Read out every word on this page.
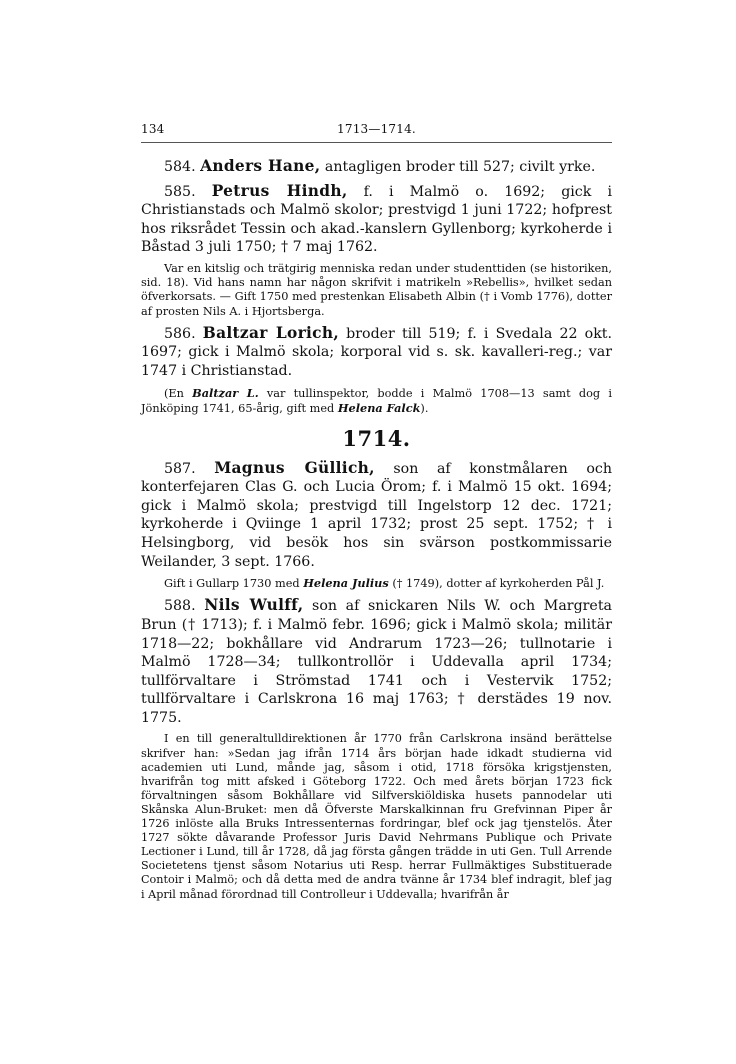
134	1713—1714.

584. Anders Hane, antagligen broder till 527; civilt yrke.

585. Petrus Hindh, f. i Malmö o. 1692; gick i Christianstads och Malmö skolor; prestvigd 1 juni 1722; hofprest hos riksrådet Tessin och akad.-kanslern Gyllenborg; kyrkoherde i Båstad 3 juli 1750; † 7 maj 1762.

Var en kitslig och trätgirig menniska redan under studenttiden (se historiken, sid. 18). Vid hans namn har någon skrifvit i matrikeln »Rebellis», hvilket sedan öfverkorsats. — Gift 1750 med prestenkan Elisabeth Albin († i Vomb 1776), dotter af prosten Nils A. i Hjortsberga.

586. Baltzar Lorich, broder till 519; f. i Svedala 22 okt. 1697; gick i Malmö skola; korporal vid s. sk. kavalleri-reg.; var 1747 i Christianstad.

(En Baltzar L. var tullinspektor, bodde i Malmö 1708—13 samt dog i Jönköping 1741, 65-årig, gift med Helena Falck).
1714.

587. Magnus Güllich, son af konstmålaren och konterfejaren Clas G. och Lucia Örom; f. i Malmö 15 okt. 1694; gick i Malmö skola; prestvigd till Ingelstorp 12 dec. 1721; kyrkoherde i Qviinge 1 april 1732; prost 25 sept. 1752; † i Helsingborg, vid besök hos sin svärson postkommissarie Weilander, 3 sept. 1766.

Gift i Gullarp 1730 med Helena Julius († 1749), dotter af kyrkoherden Pål J.

588. Nils Wulff, son af snickaren Nils W. och Margreta Brun († 1713); f. i Malmö febr. 1696; gick i Malmö skola; militär 1718—22; bokhållare vid Andrarum 1723—26; tullnotarie i Malmö 1728—34; tullkontrollör i Uddevalla april 1734; tullförvaltare i Strömstad 1741 och i Vestervik 1752; tullförvaltare i Carlskrona 16 maj 1763; † derstädes 19 nov. 1775.

I en till generaltulldirektionen år 1770 från Carlskrona insänd berättelse skrifver han: »Sedan jag ifrån 1714 års början hade idkadt studierna vid academien uti Lund, månde jag, såsom i otid, 1718 försöka krigstjensten, hvarifrån tog mitt afsked i Göteborg 1722. Och med årets början 1723 fick förvaltningen såsom Bokhållare vid Silfverskiöldiska husets pannodelar uti Skånska Alun-Bruket: men då Öfverste Marskalkinnan fru Grefvinnan Piper år 1726 inlöste alla Bruks Intressenternas fordringar, blef ock jag tjenstelös. Åter 1727 sökte dåvarande Professor Juris David Nehrmans Publique och Private Lectioner i Lund, till år 1728, då jag första gången trädde in uti Gen. Tull Arrende Societetens tjenst såsom Notarius uti Resp. herrar Fullmäktiges Substituerade Contoir i Malmö; och då detta med de andra tvänne år 1734 blef indragit, blef jag i April månad förordnad till Controlleur i Uddevalla; hvarifrån år
